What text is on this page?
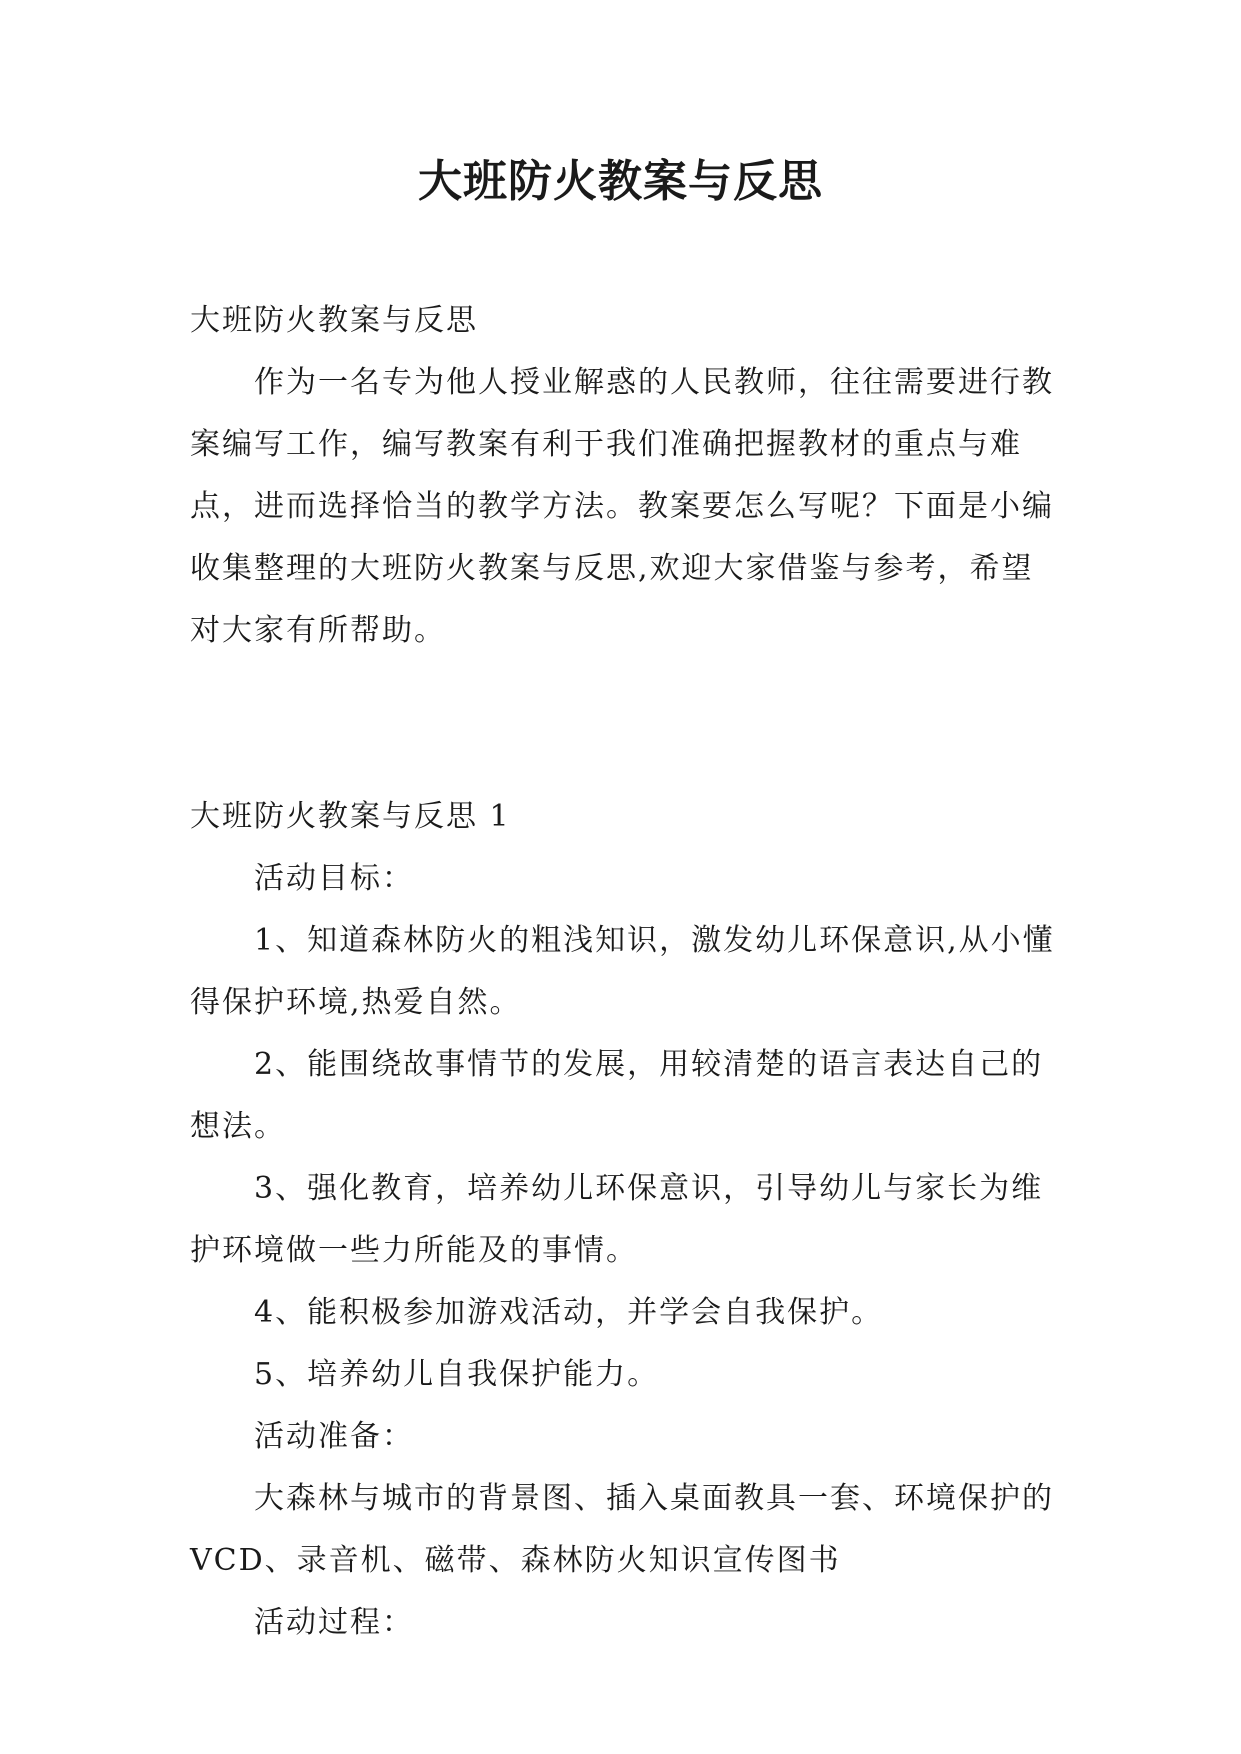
大班防火教案与反思

大班防火教案与反思

作为一名专为他人授业解惑的人民教师，往往需要进行教案编写工作，编写教案有利于我们准确把握教材的重点与难点，进而选择恰当的教学方法。教案要怎么写呢？下面是小编收集整理的大班防火教案与反思,欢迎大家借鉴与参考，希望对大家有所帮助。

大班防火教案与反思 1

活动目标：

1、知道森林防火的粗浅知识，激发幼儿环保意识,从小懂得保护环境,热爱自然。

2、能围绕故事情节的发展，用较清楚的语言表达自己的想法。

3、强化教育，培养幼儿环保意识，引导幼儿与家长为维护环境做一些力所能及的事情。

4、能积极参加游戏活动，并学会自我保护。

5、培养幼儿自我保护能力。

活动准备：

大森林与城市的背景图、插入桌面教具一套、环境保护的 VCD、录音机、磁带、森林防火知识宣传图书

活动过程：
